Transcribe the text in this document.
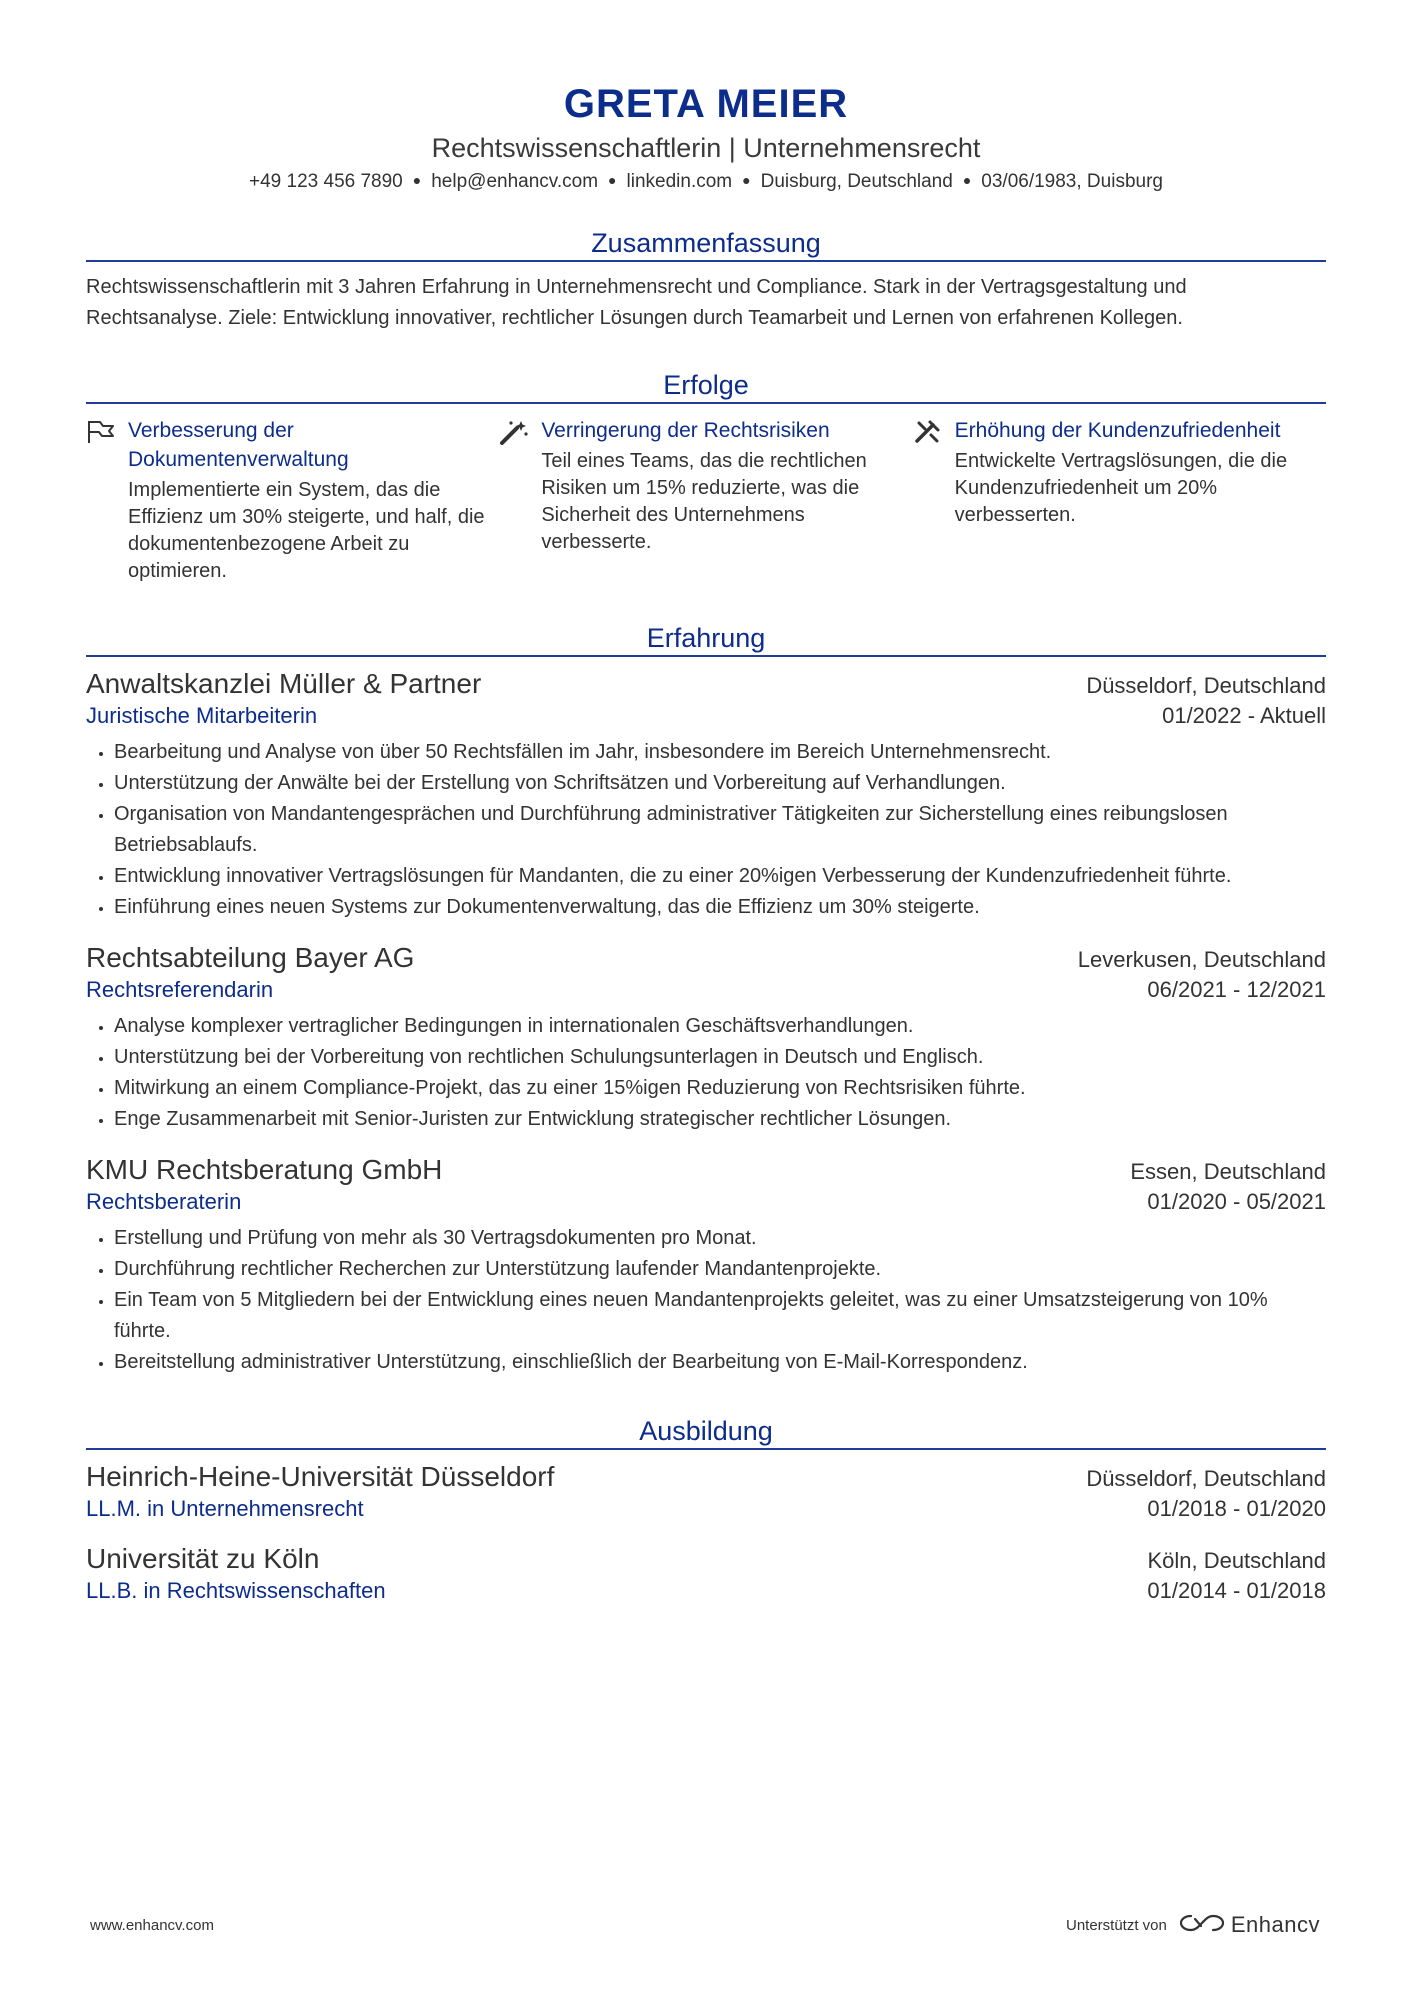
GRETA MEIER
Rechtswissenschaftlerin | Unternehmensrecht
+49 123 456 7890 ● help@enhancv.com ● linkedin.com ● Duisburg, Deutschland ● 03/06/1983, Duisburg
Zusammenfassung
Rechtswissenschaftlerin mit 3 Jahren Erfahrung in Unternehmensrecht und Compliance. Stark in der Vertragsgestaltung und Rechtsanalyse. Ziele: Entwicklung innovativer, rechtlicher Lösungen durch Teamarbeit und Lernen von erfahrenen Kollegen.
Erfolge
Verbesserung der Dokumentenverwaltung
Implementierte ein System, das die Effizienz um 30% steigerte, und half, die dokumentenbezogene Arbeit zu optimieren.
Verringerung der Rechtsrisiken
Teil eines Teams, das die rechtlichen Risiken um 15% reduzierte, was die Sicherheit des Unternehmens verbesserte.
Erhöhung der Kundenzufriedenheit
Entwickelte Vertragslösungen, die die Kundenzufriedenheit um 20% verbesserten.
Erfahrung
Anwaltskanzlei Müller & Partner	Düsseldorf, Deutschland
Juristische Mitarbeiterin	01/2022 - Aktuell
• Bearbeitung und Analyse von über 50 Rechtsfällen im Jahr, insbesondere im Bereich Unternehmensrecht.
• Unterstützung der Anwälte bei der Erstellung von Schriftsätzen und Vorbereitung auf Verhandlungen.
• Organisation von Mandantengesprächen und Durchführung administrativer Tätigkeiten zur Sicherstellung eines reibungslosen Betriebsablaufs.
• Entwicklung innovativer Vertragslösungen für Mandanten, die zu einer 20%igen Verbesserung der Kundenzufriedenheit führte.
• Einführung eines neuen Systems zur Dokumentenverwaltung, das die Effizienz um 30% steigerte.
Rechtsabteilung Bayer AG	Leverkusen, Deutschland
Rechtsreferendarin	06/2021 - 12/2021
• Analyse komplexer vertraglicher Bedingungen in internationalen Geschäftsverhandlungen.
• Unterstützung bei der Vorbereitung von rechtlichen Schulungsunterlagen in Deutsch und Englisch.
• Mitwirkung an einem Compliance-Projekt, das zu einer 15%igen Reduzierung von Rechtsrisiken führte.
• Enge Zusammenarbeit mit Senior-Juristen zur Entwicklung strategischer rechtlicher Lösungen.
KMU Rechtsberatung GmbH	Essen, Deutschland
Rechtsberaterin	01/2020 - 05/2021
• Erstellung und Prüfung von mehr als 30 Vertragsdokumenten pro Monat.
• Durchführung rechtlicher Recherchen zur Unterstützung laufender Mandantenprojekte.
• Ein Team von 5 Mitgliedern bei der Entwicklung eines neuen Mandantenprojekts geleitet, was zu einer Umsatzsteigerung von 10% führte.
• Bereitstellung administrativer Unterstützung, einschließlich der Bearbeitung von E-Mail-Korrespondenz.
Ausbildung
Heinrich-Heine-Universität Düsseldorf	Düsseldorf, Deutschland
LL.M. in Unternehmensrecht	01/2018 - 01/2020
Universität zu Köln	Köln, Deutschland
LL.B. in Rechtswissenschaften	01/2014 - 01/2018
www.enhancv.com	Unterstützt von	Enhancv
